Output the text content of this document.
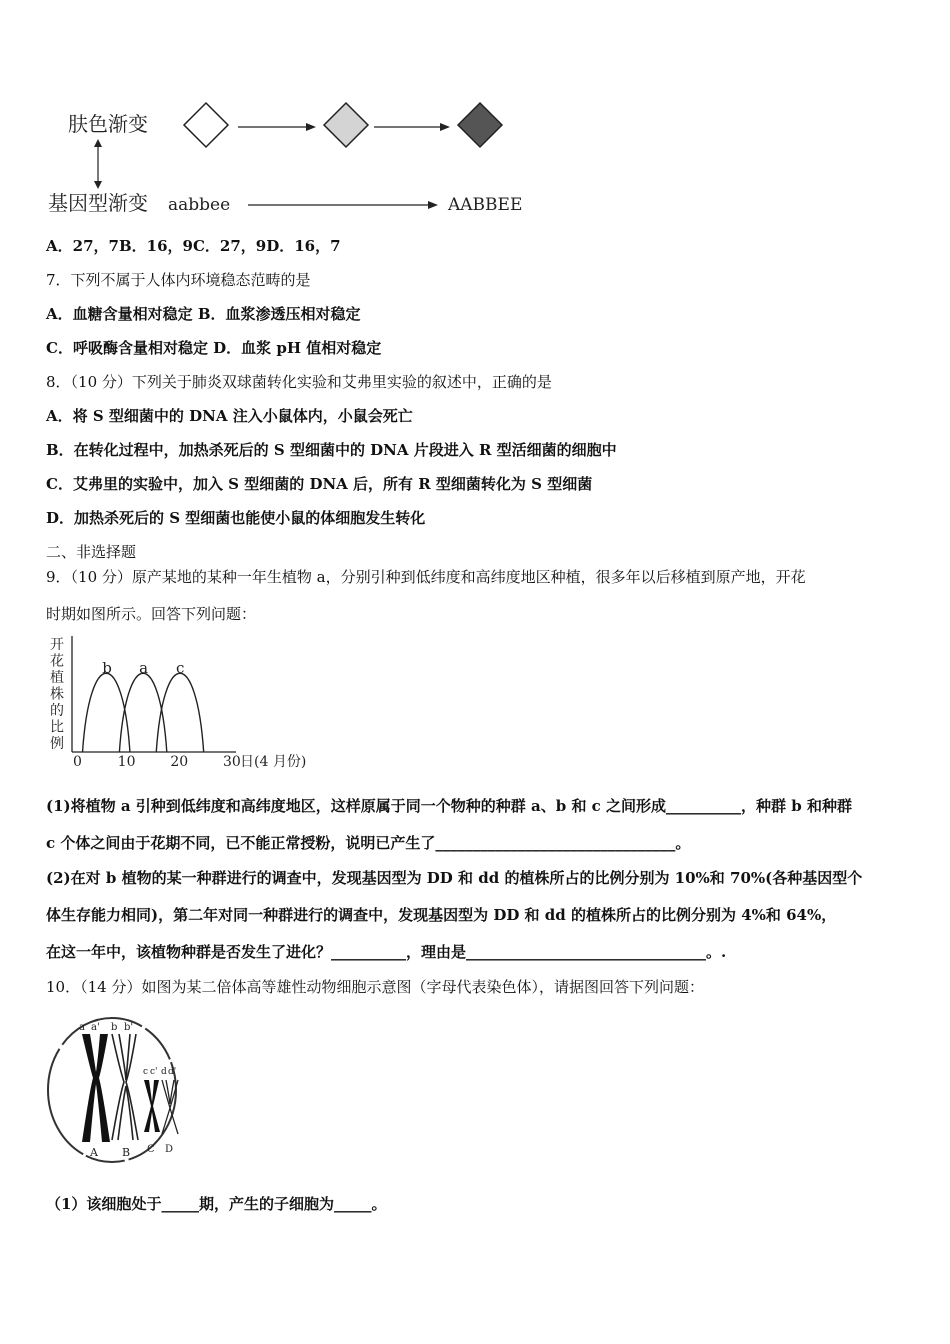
肤色渐变
基因型渐变 aabbee	AABBEE
A．27，7B．16，9C．27，9D．16，7
7．下列不属于人体内环境稳态范畴的是
A．血糖含量相对稳定 B．血浆渗透压相对稳定
C．呼吸酶含量相对稳定 D．血浆 pH 值相对稳定
8．（10 分）下列关于肺炎双球菌转化实验和艾弗里实验的叙述中，正确的是
A．将 S 型细菌中的 DNA 注入小鼠体内，小鼠会死亡
B．在转化过程中，加热杀死后的 S 型细菌中的 DNA 片段进入 R 型活细菌的细胞中
C．艾弗里的实验中，加入 S 型细菌的 DNA 后，所有 R 型细菌转化为 S 型细菌
D．加热杀死后的 S 型细菌也能使小鼠的体细胞发生转化
二、非选择题
9．（10 分）原产某地的某种一年生植物 a，分别引种到低纬度和高纬度地区种植，很多年以后移植到原产地，开花
时期如图所示。回答下列问题：
开
花
植
株
的
比
例
b a c
0	10 20 30 日(4 月份)
(1)将植物 a 引种到低纬度和高纬度地区，这样原属于同一个物种的种群 a、b 和 c 之间形成__________，种群 b 和种群
c 个体之间由于花期不同，已不能正常授粉，说明已产生了________________________________。
(2)在对 b 植物的某一种群进行的调查中，发现基因型为 DD 和 dd 的植株所占的比例分别为 10%和 70%(各种基因型个
体生存能力相同)，第二年对同一种群进行的调查中，发现基因型为 DD 和 dd 的植株所占的比例分别为 4%和 64%，
在这一年中，该植物种群是否发生了进化？__________，理由是________________________________。.
10．（14 分）如图为某二倍体高等雄性动物细胞示意图（字母代表染色体），请据图回答下列问题：
a a' b b'
c c' d d'
A B C D
（1）该细胞处于_____期，产生的子细胞为_____。
